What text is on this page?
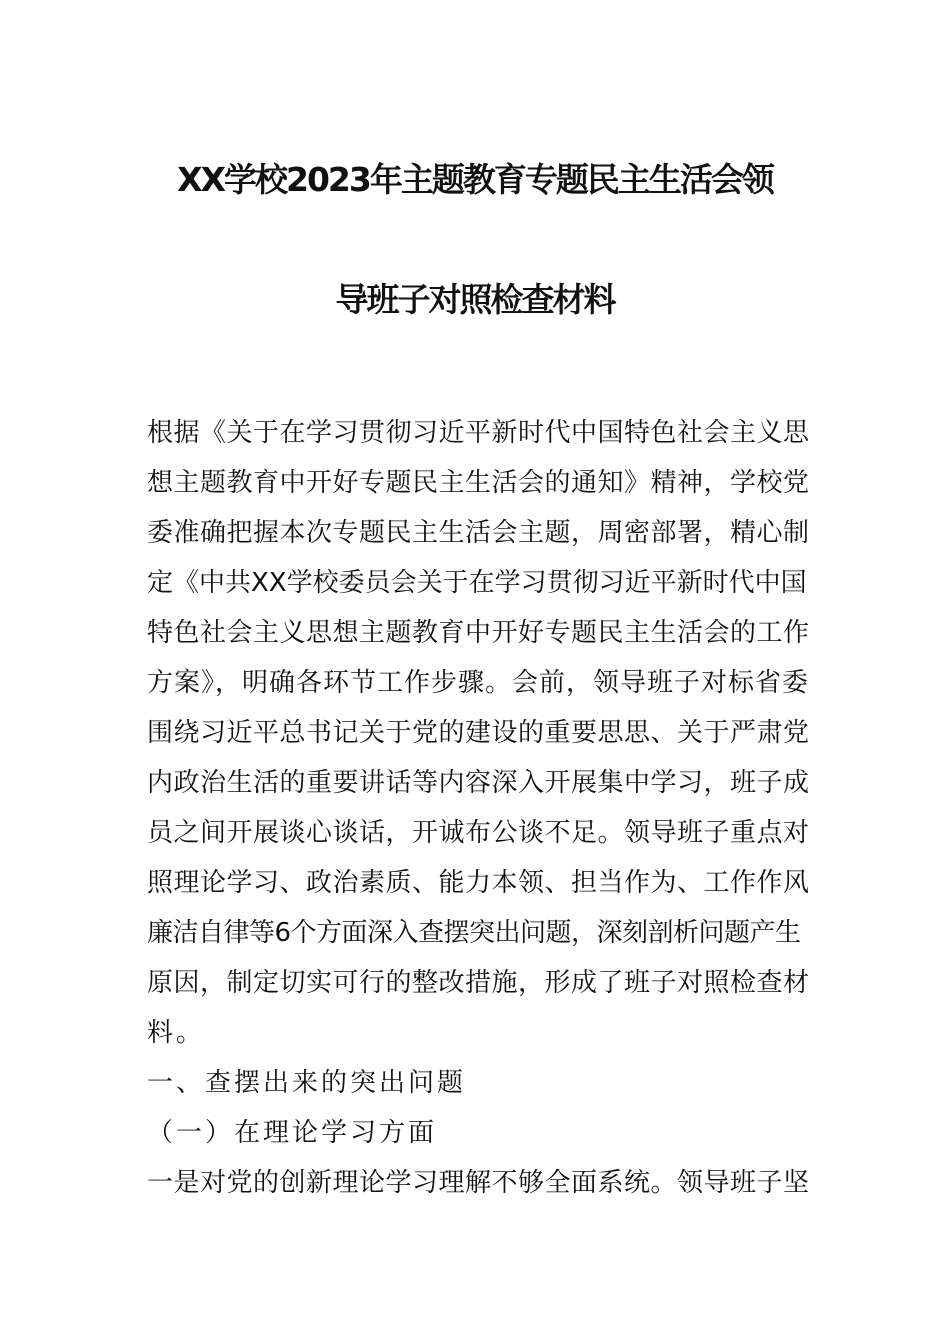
XX学校2023年主题教育专题民主生活会领
导班子对照检查材料
根据《关于在学习贯彻习近平新时代中国特色社会主义思
想主题教育中开好专题民主生活会的通知》精神，学校党
委准确把握本次专题民主生活会主题，周密部署，精心制
定《中共XX学校委员会关于在学习贯彻习近平新时代中国
特色社会主义思想主题教育中开好专题民主生活会的工作
方案》，明确各环节工作步骤。会前，领导班子对标省委
围绕习近平总书记关于党的建设的重要思思、关于严肃党
内政治生活的重要讲话等内容深入开展集中学习，班子成
员之间开展谈心谈话，开诚布公谈不足。领导班子重点对
照理论学习、政治素质、能力本领、担当作为、工作作风
廉洁自律等6个方面深入查摆突出问题，深刻剖析问题产生
原因，制定切实可行的整改措施，形成了班子对照检查材
料。
一、查摆出来的突出问题
（一）在理论学习方面
一是对党的创新理论学习理解不够全面系统。领导班子坚
